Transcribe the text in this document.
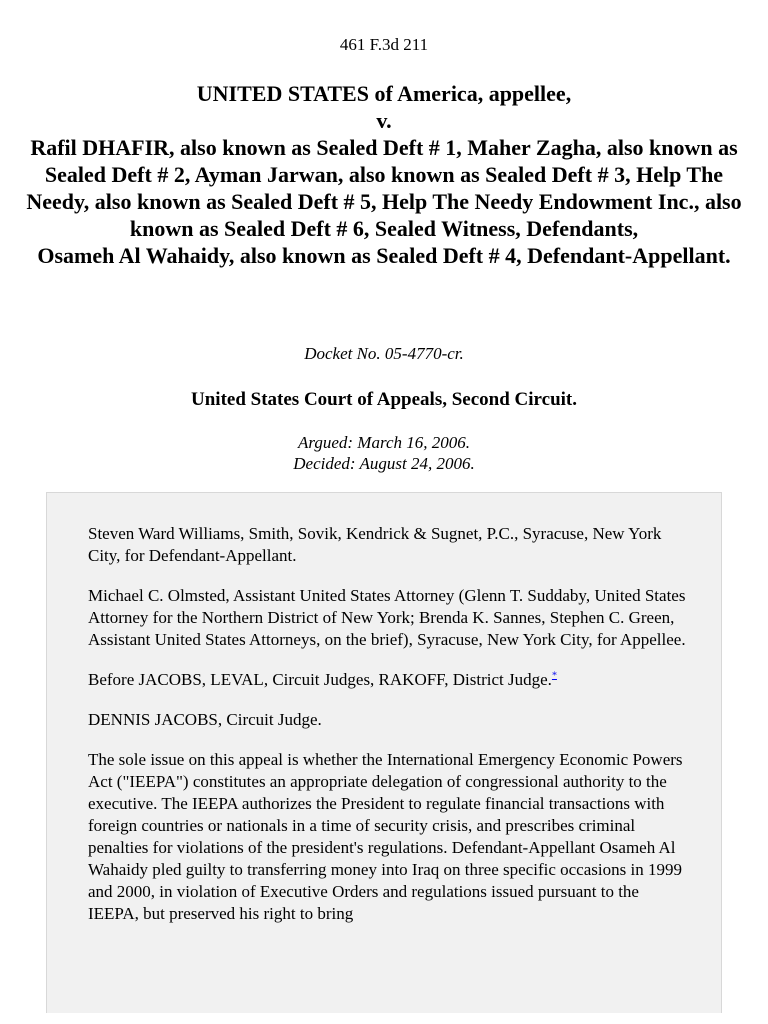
461 F.3d 211
UNITED STATES of America, appellee,
v.
Rafil DHAFIR, also known as Sealed Deft # 1, Maher Zagha, also known as Sealed Deft # 2, Ayman Jarwan, also known as Sealed Deft # 3, Help The Needy, also known as Sealed Deft # 5, Help The Needy Endowment Inc., also known as Sealed Deft # 6, Sealed Witness, Defendants,
Osameh Al Wahaidy, also known as Sealed Deft # 4, Defendant-Appellant.
Docket No. 05-4770-cr.
United States Court of Appeals, Second Circuit.
Argued: March 16, 2006.
Decided: August 24, 2006.

Steven Ward Williams, Smith, Sovik, Kendrick & Sugnet, P.C., Syracuse, New York City, for Defendant-Appellant.

Michael C. Olmsted, Assistant United States Attorney (Glenn T. Suddaby, United States Attorney for the Northern District of New York; Brenda K. Sannes, Stephen C. Green, Assistant United States Attorneys, on the brief), Syracuse, New York City, for Appellee.

Before JACOBS, LEVAL, Circuit Judges, RAKOFF, District Judge.*

DENNIS JACOBS, Circuit Judge.

The sole issue on this appeal is whether the International Emergency Economic Powers Act ("IEEPA") constitutes an appropriate delegation of congressional authority to the executive. The IEEPA authorizes the President to regulate financial transactions with foreign countries or nationals in a time of security crisis, and prescribes criminal penalties for violations of the president's regulations. Defendant-Appellant Osameh Al Wahaidy pled guilty to transferring money into Iraq on three specific occasions in 1999 and 2000, in violation of Executive Orders and regulations issued pursuant to the IEEPA, but preserved his right to bring
